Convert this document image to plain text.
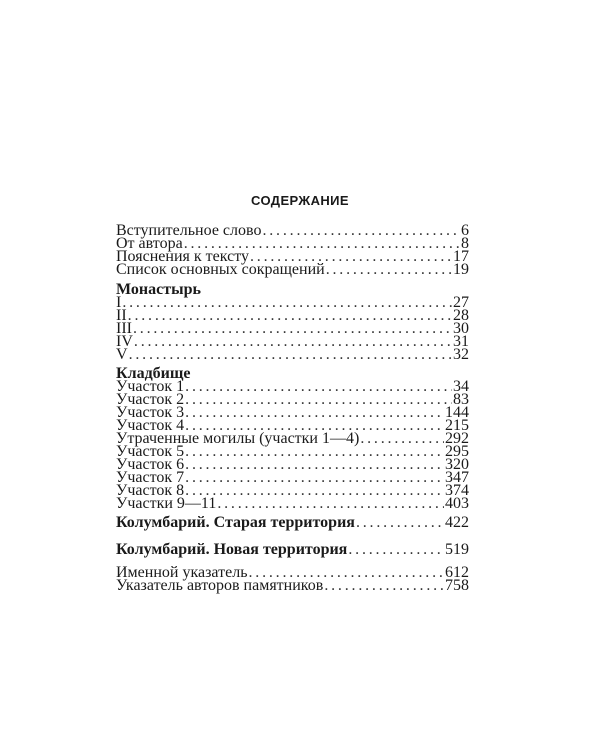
СОДЕРЖАНИЕ
Вступительное слово . . .	6
От автора . . .	8
Пояснения к тексту . . .	17
Список основных сокращений . . .	19
Монастырь
I . . .	27
II . . .	28
III . . .	30
IV . . .	31
V . . .	32
Кладбище
Участок 1 . . .	34
Участок 2 . . .	83
Участок 3 . . .	144
Участок 4 . . .	215
Утраченные могилы (участки 1—4) . . .	292
Участок 5 . . .	295
Участок 6 . . .	320
Участок 7 . . .	347
Участок 8 . . .	374
Участки 9—11 . . .	403
Колумбарий. Старая территория . . .	422
Колумбарий. Новая территория . . .	519
Именной указатель . . .	612
Указатель авторов памятников . . .	758
